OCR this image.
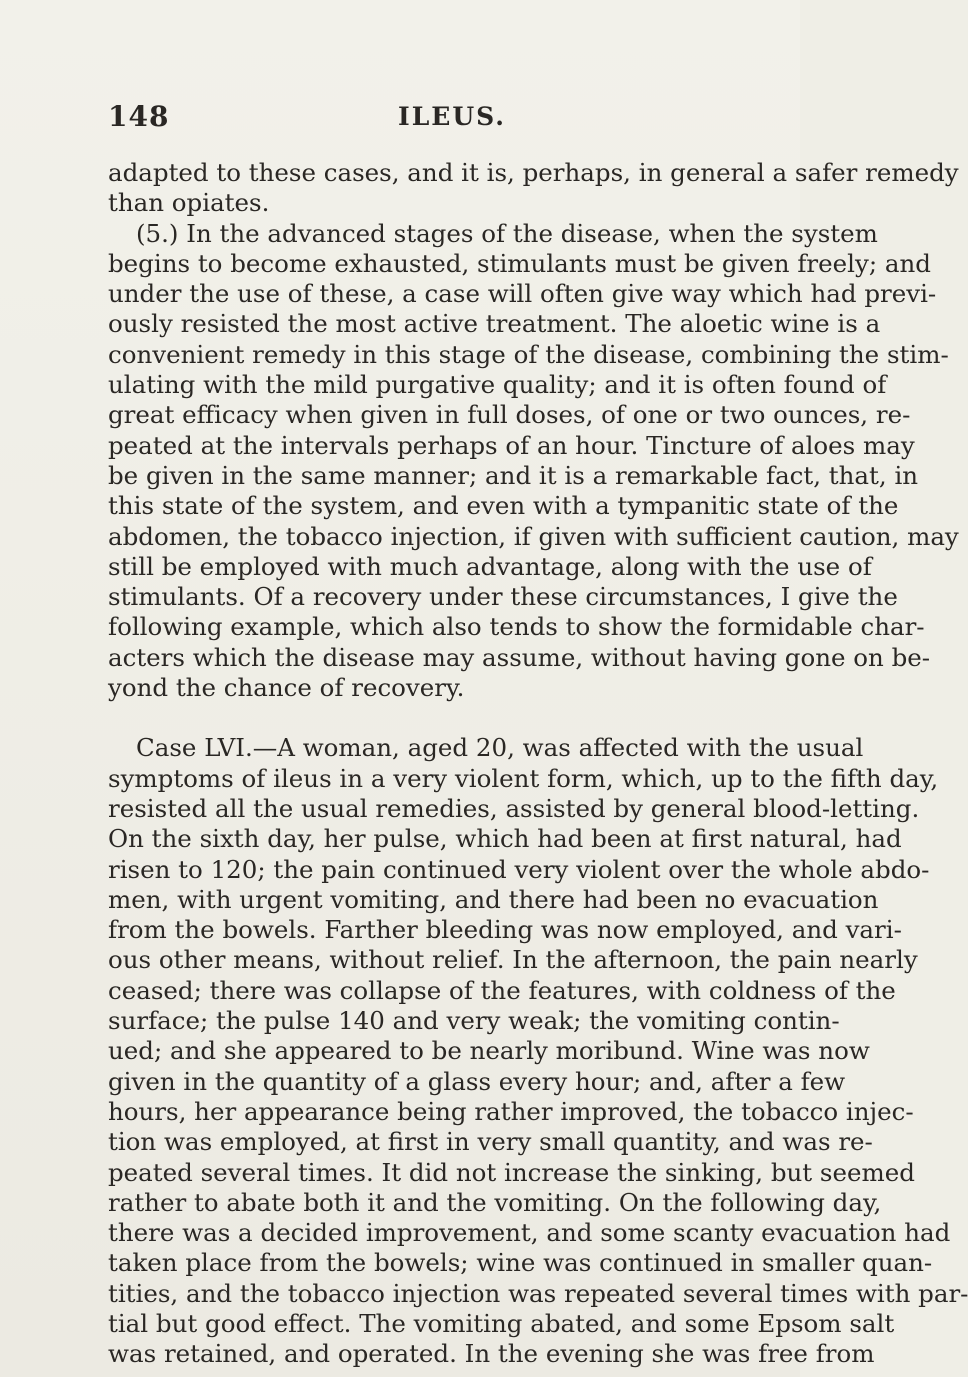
148	ILEUS.
adapted to these cases, and it is, perhaps, in general a safer remedy
than opiates.
(5.) In the advanced stages of the disease, when the system
begins to become exhausted, stimulants must be given freely; and
under the use of these, a case will often give way which had previ-
ously resisted the most active treatment. The aloetic wine is a
convenient remedy in this stage of the disease, combining the stim-
ulating with the mild purgative quality; and it is often found of
great efficacy when given in full doses, of one or two ounces, re-
peated at the intervals perhaps of an hour. Tincture of aloes may
be given in the same manner; and it is a remarkable fact, that, in
this state of the system, and even with a tympanitic state of the
abdomen, the tobacco injection, if given with sufficient caution, may
still be employed with much advantage, along with the use of
stimulants. Of a recovery under these circumstances, I give the
following example, which also tends to show the formidable char-
acters which the disease may assume, without having gone on be-
yond the chance of recovery.
Case LVI.—A woman, aged 20, was affected with the usual
symptoms of ileus in a very violent form, which, up to the fifth day,
resisted all the usual remedies, assisted by general blood-letting.
On the sixth day, her pulse, which had been at first natural, had
risen to 120; the pain continued very violent over the whole abdo-
men, with urgent vomiting, and there had been no evacuation
from the bowels. Farther bleeding was now employed, and vari-
ous other means, without relief. In the afternoon, the pain nearly
ceased; there was collapse of the features, with coldness of the
surface; the pulse 140 and very weak; the vomiting contin-
ued; and she appeared to be nearly moribund. Wine was now
given in the quantity of a glass every hour; and, after a few
hours, her appearance being rather improved, the tobacco injec-
tion was employed, at first in very small quantity, and was re-
peated several times. It did not increase the sinking, but seemed
rather to abate both it and the vomiting. On the following day,
there was a decided improvement, and some scanty evacuation had
taken place from the bowels; wine was continued in smaller quan-
tities, and the tobacco injection was repeated several times with par-
tial but good effect. The vomiting abated, and some Epsom salt
was retained, and operated. In the evening she was free from
